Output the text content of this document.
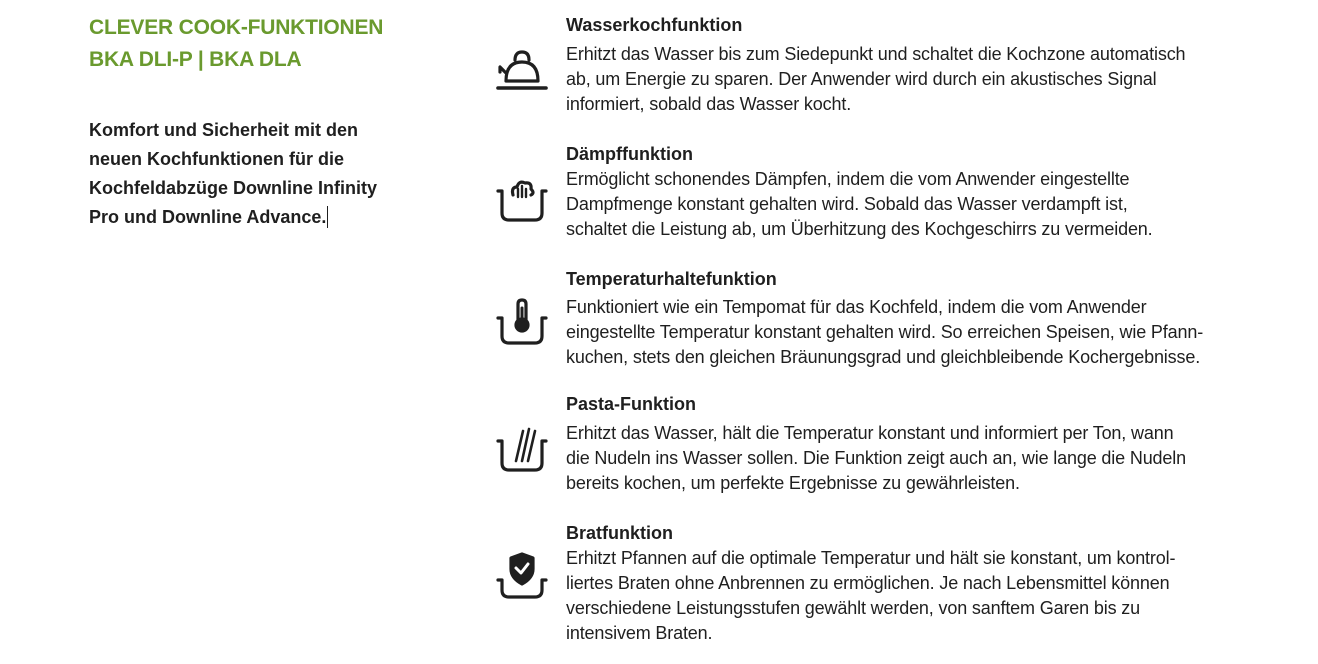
CLEVER COOK-FUNKTIONEN
BKA DLI-P | BKA DLA
Komfort und Sicherheit mit den neuen Kochfunktionen für die Kochfeldabzüge Downline Infinity Pro und Downline Advance.
Wasserkochfunktion

Erhitzt das Wasser bis zum Siedepunkt und schaltet die Kochzone automatisch
ab, um Energie zu sparen. Der Anwender wird durch ein akustisches Signal
informiert, sobald das Wasser kocht.

Dämpffunktion

Ermöglicht schonendes Dämpfen, indem die vom Anwender eingestellte
Dampfmenge konstant gehalten wird. Sobald das Wasser verdampft ist,
schaltet die Leistung ab, um Überhitzung des Kochgeschirrs zu vermeiden.

Temperaturhaltefunktion

Funktioniert wie ein Tempomat für das Kochfeld, indem die vom Anwender
eingestellte Temperatur konstant gehalten wird. So erreichen Speisen, wie Pfann-
kuchen, stets den gleichen Bräunungsgrad und gleichbleibende Kochergebnisse.

Pasta-Funktion

Erhitzt das Wasser, hält die Temperatur konstant und informiert per Ton, wann
die Nudeln ins Wasser sollen. Die Funktion zeigt auch an, wie lange die Nudeln
bereits kochen, um perfekte Ergebnisse zu gewährleisten.

Bratfunktion

Erhitzt Pfannen auf die optimale Temperatur und hält sie konstant, um kontrol-
liertes Braten ohne Anbrennen zu ermöglichen. Je nach Lebensmittel können
verschiedene Leistungsstufen gewählt werden, von sanftem Garen bis zu
intensivem Braten.
